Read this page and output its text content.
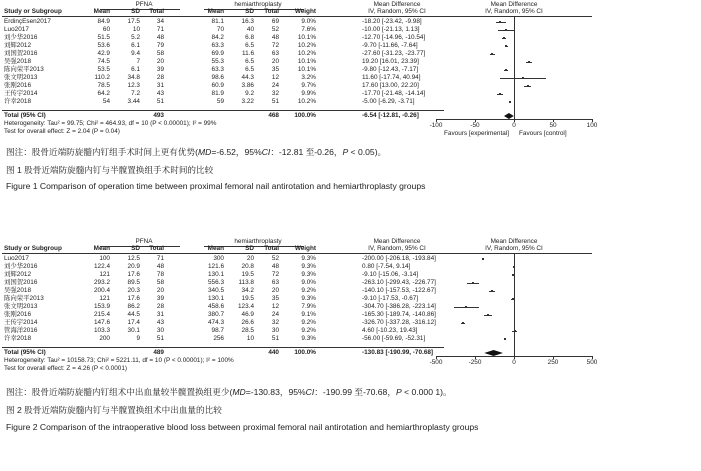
PFNA	hemiarthroplasty	Mean Difference	Mean Difference
Study or Subgroup	Mean	SD	Total	Mean	SD	Total	Weight	IV, Random, 95% CI	IV, Random, 95% CI
ErdinçEsen2017	84.9	17.5	34	81.1	16.3	69	9.0%	-18.20 [-23.42, -9.98]
Luo2017	60	10	71	70	40	52	7.6%	-10.00 [-21.13, 1.13]
刘少华2016	51.5	5.2	48	84.2	6.8	48	10.1%	-12.70 [-14.96, -10.54]
刘辉2012	53.6	6.1	79	63.3	6.5	72	10.2%	-9.70 [-11.66, -7.64]
刘国贺2016	42.9	9.4	58	69.9	11.6	63	10.2%	-27.60 [-31.23, -23.77]
吴强2018	74.5	7	20	55.3	6.5	20	10.1%	19.20 [16.01, 23.39]
陈向荣平2013	53.5	6.1	39	63.3	6.5	35	10.1%	-9.80 [-12.43, -7.17]
张文明2013	110.2	34.8	28	98.6	44.3	12	3.2%	11.60 [-17.74, 40.94]
张刚2016	78.5	12.3	31	60.9	3.86	24	9.7%	17.60 [13.00, 22.20]
王传宇2014	64.2	7.2	43	81.9	9.2	32	9.9%	-17.70 [-21.48, -14.14]
许幸2018	54	3.44	51	59	3.22	51	10.2%	-5.00 [-6.29, -3.71]
Total (95% CI)	493	468	100.0%	-6.54 [-12.81, -0.26]
Heterogeneity: Tau² = 99.75; Chi² = 464.93, df = 10 (P < 0.00001); I² = 99%
Test for overall effect: Z = 2.04 (P = 0.04)
-100	-50	0	50	100
Favours [experimental] Favours [control]
图注：股骨近端防旋髓内钉组手术时间上更有优势(MD=-6.52，95%CI：-12.81 至-0.26，P < 0.05)。
图 1 股骨近端防旋髓内钉与半髋置换组手术时间的比较
Figure 1 Comparison of operation time between proximal femoral nail antirotation and hemiarthroplasty groups
PFNA	hemiarthroplasty	Mean Difference	Mean Difference
Study or Subgroup	Mean	SD	Total	Mean	SD	Total	Weight	IV, Random, 95% CI	IV, Random, 95% CI
Luo2017	100	12.5	71	300	20	52	9.3%	-200.00 [-206.18, -193.84]
刘少华2016	122.4	20.9	48	121.6	20.8	48	9.3%	0.80 [-7.54, 9.14]
刘辉2012	121	17.6	78	130.1	19.5	72	9.3%	-9.10 [-15.06, -3.14]
刘国贺2016	293.2	89.5	58	556.3	113.8	63	9.0%	-263.10 [-299.43, -226.77]
吴强2018	200.4	20.3	20	340.5	34.2	20	9.2%	-140.10 [-157.53, -122.67]
陈向荣平2013	121	17.6	39	130.1	19.5	35	9.3%	-9.10 [-17.53, -0.67]
张文明2013	153.9	86.2	28	458.6	123.4	12	7.9%	-304.70 [-386.28, -223.14]
张刚2016	215.4	44.5	31	380.7	46.9	24	9.1%	-165.30 [-189.74, -140.86]
王传宇2014	147.6	17.4	43	474.3	26.6	32	9.2%	-326.70 [-337.28, -316.12]
管海洋2016	103.3	30.1	30	98.7	28.5	30	9.2%	4.60 [-10.23, 19.43]
许幸2018	200	9	51	256	10	51	9.3%	-56.00 [-59.69, -52.31]
Total (95% CI)	489	440	100.0%	-130.83 [-190.99, -70.68]
Heterogeneity: Tau² = 10158.73; Chi² = 5221.11, df = 10 (P < 0.00001); I² = 100%
Test for overall effect: Z = 4.26 (P < 0.0001)
-500	-250	0	250	500
图注：股骨近端防旋髓内钉组术中出血量较半髋置换组更少(MD=-130.83，95%CI：-190.99 至-70.68，P < 0.000 1)。
图 2 股骨近端防旋髓内钉与半髋置换组术中出血量的比较
Figure 2 Comparison of the intraoperative blood loss between proximal femoral nail antirotation and hemiarthroplasty groups
